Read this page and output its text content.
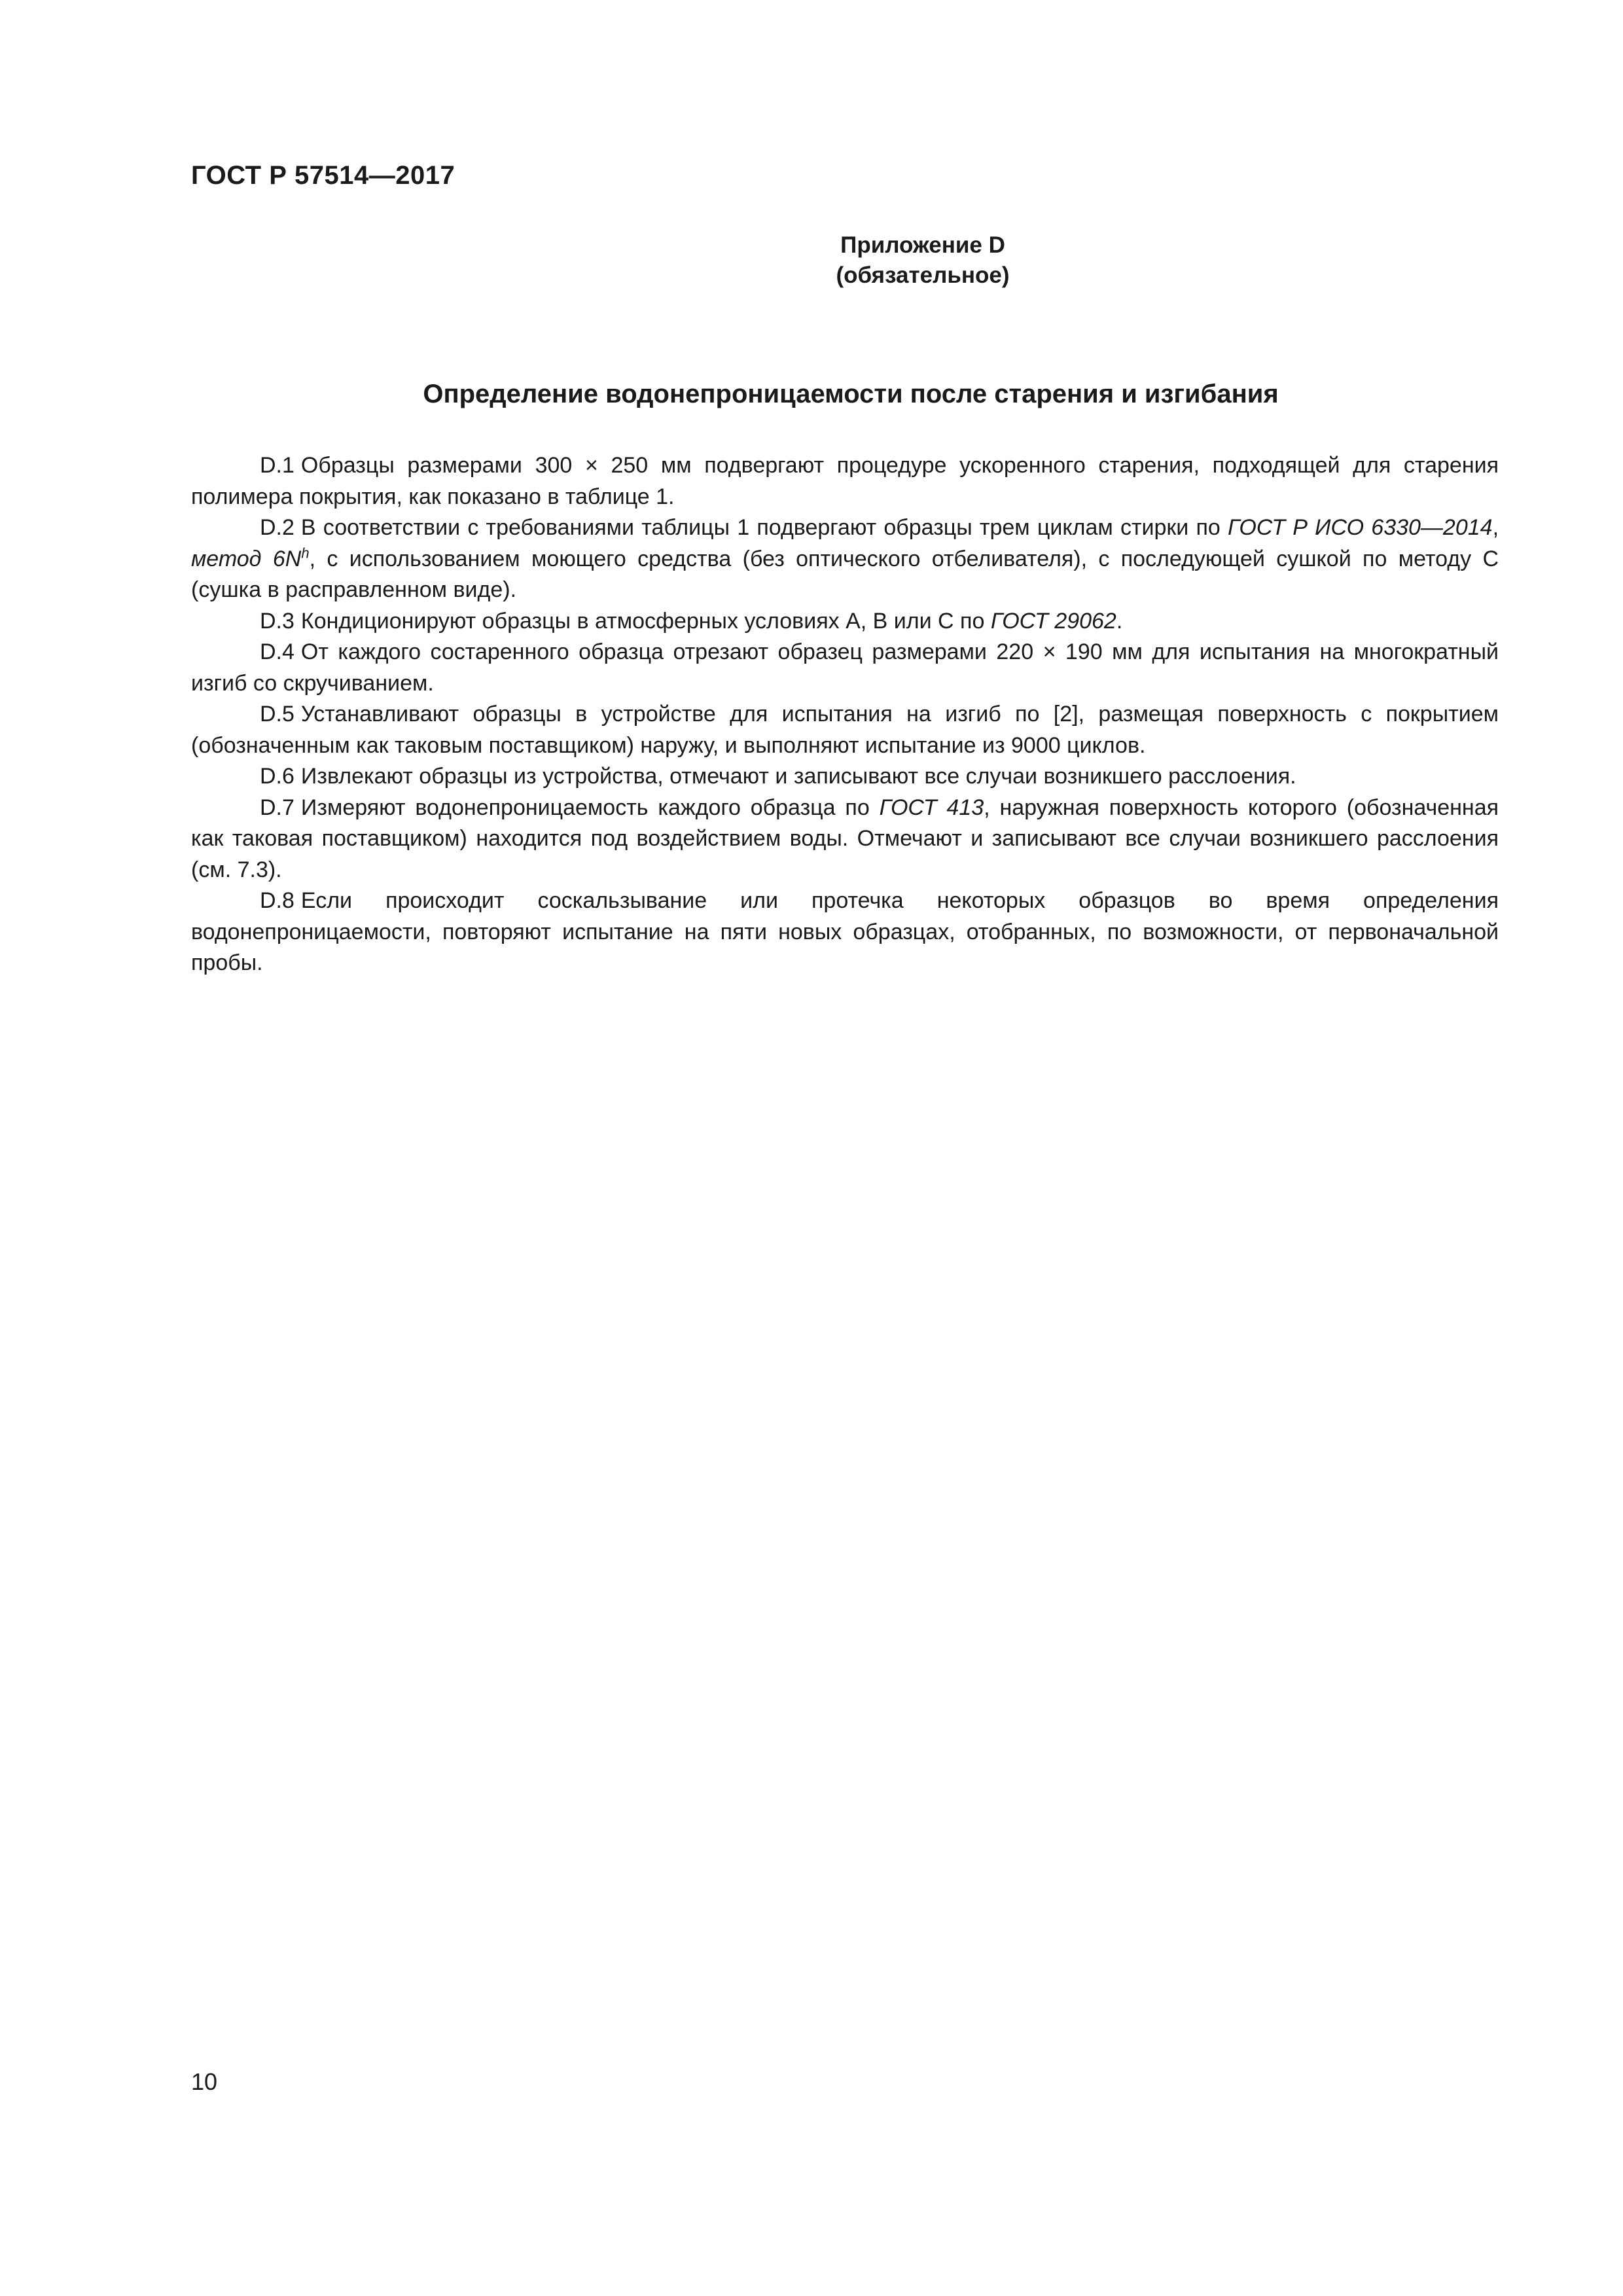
ГОСТ Р 57514—2017
Приложение D
(обязательное)
Определение водонепроницаемости после старения и изгибания

D.1 Образцы размерами 300 × 250 мм подвергают процедуре ускоренного старения, подходящей для старения полимера покрытия, как показано в таблице 1.

D.2 В соответствии с требованиями таблицы 1 подвергают образцы трем циклам стирки по ГОСТ Р ИСО 6330—2014, метод $6N^h$, с использованием моющего средства (без оптического отбеливателя), с последующей сушкой по методу С (сушка в расправленном виде).

D.3 Кондиционируют образцы в атмосферных условиях А, В или С по ГОСТ 29062.

D.4 От каждого состаренного образца отрезают образец размерами 220 × 190 мм для испытания на многократный изгиб со скручиванием.

D.5 Устанавливают образцы в устройстве для испытания на изгиб по [2], размещая поверхность с покрытием (обозначенным как таковым поставщиком) наружу, и выполняют испытание из 9000 циклов.

D.6 Извлекают образцы из устройства, отмечают и записывают все случаи возникшего расслоения.

D.7 Измеряют водонепроницаемость каждого образца по ГОСТ 413, наружная поверхность которого (обозначенная как таковая поставщиком) находится под воздействием воды. Отмечают и записывают все случаи возникшего расслоения (см. 7.3).

D.8 Если происходит соскальзывание или протечка некоторых образцов во время определения водонепроницаемости, повторяют испытание на пяти новых образцах, отобранных, по возможности, от первоначальной пробы.

10
